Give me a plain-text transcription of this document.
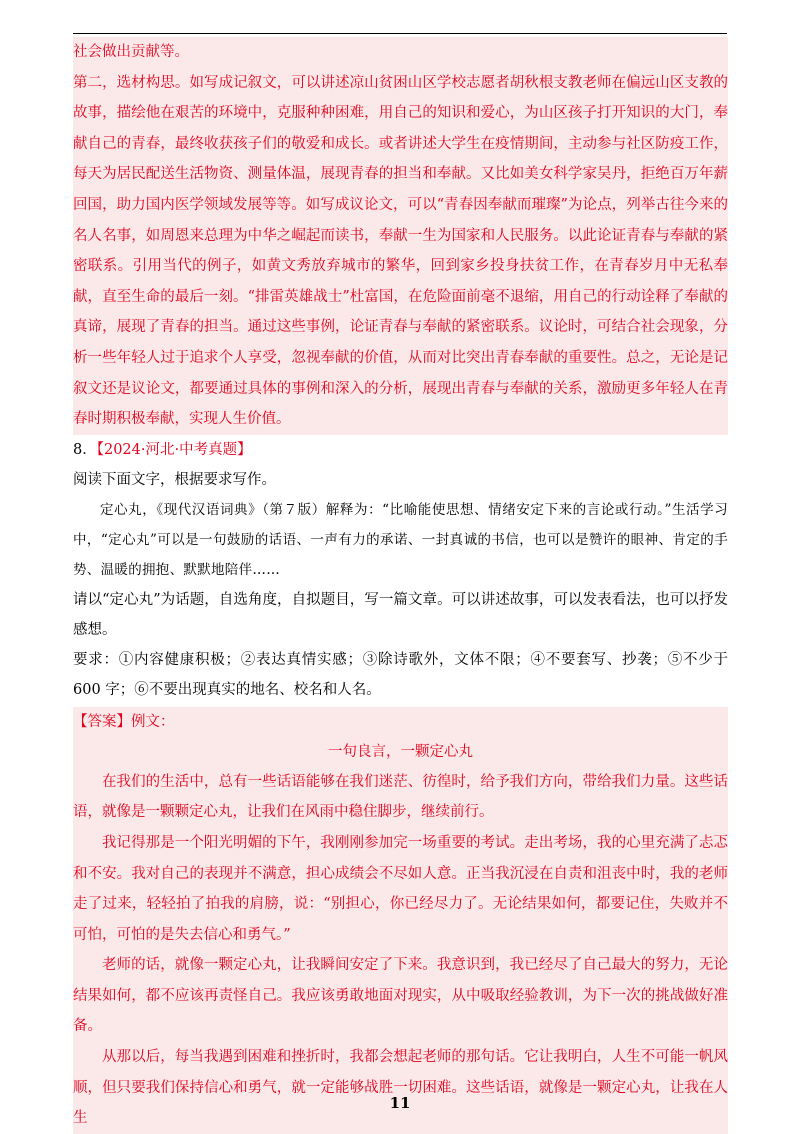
社会做出贡献等。

第二，选材构思。如写成记叙文，可以讲述凉山贫困山区学校志愿者胡秋根支教老师在偏远山区支教的故事，描绘他在艰苦的环境中，克服种种困难，用自己的知识和爱心，为山区孩子打开知识的大门，奉献自己的青春，最终收获孩子们的敬爱和成长。或者讲述大学生在疫情期间，主动参与社区防疫工作，每天为居民配送生活物资、测量体温，展现青春的担当和奉献。又比如美女科学家吴丹，拒绝百万年薪回国，助力国内医学领域发展等等。如写成议论文，可以“青春因奉献而璀璨”为论点，列举古往今来的名人名事，如周恩来总理为中华之崛起而读书，奉献一生为国家和人民服务。以此论证青春与奉献的紧密联系。引用当代的例子，如黄文秀放弃城市的繁华，回到家乡投身扶贫工作，在青春岁月中无私奉献，直至生命的最后一刻。“排雷英雄战士”杜富国，在危险面前毫不退缩，用自己的行动诠释了奉献的真谛，展现了青春的担当。通过这些事例，论证青春与奉献的紧密联系。议论时，可结合社会现象，分析一些年轻人过于追求个人享受，忽视奉献的价值，从而对比突出青春奉献的重要性。总之，无论是记叙文还是议论文，都要通过具体的事例和深入的分析，展现出青春与奉献的关系，激励更多年轻人在青春时期积极奉献，实现人生价值。

8．【2024·河北·中考真题】
阅读下面文字，根据要求写作。
定心丸，《现代汉语词典》（第７版）解释为：“比喻能使思想、情绪安定下来的言论或行动。”生活学习中，“定心丸”可以是一句鼓励的话语、一声有力的承诺、一封真诚的书信，也可以是赞许的眼神、肯定的手势、温暖的拥抱、默默地陪伴……
请以“定心丸”为话题，自选角度，自拟题目，写一篇文章。可以讲述故事，可以发表看法，也可以抒发感想。
要求：①内容健康积极；②表达真情实感；③除诗歌外，文体不限；④不要套写、抄袭；⑤不少于 600 字；⑥不要出现真实的地名、校名和人名。
【答案】例文：
一句良言，一颗定心丸

在我们的生活中，总有一些话语能够在我们迷茫、彷徨时，给予我们方向，带给我们力量。这些话语，就像是一颗颗定心丸，让我们在风雨中稳住脚步，继续前行。

我记得那是一个阳光明媚的下午，我刚刚参加完一场重要的考试。走出考场，我的心里充满了忐忑和不安。我对自己的表现并不满意，担心成绩会不尽如人意。正当我沉浸在自责和沮丧中时，我的老师走了过来，轻轻拍了拍我的肩膀，说：“别担心，你已经尽力了。无论结果如何，都要记住，失败并不可怕，可怕的是失去信心和勇气。”

老师的话，就像一颗定心丸，让我瞬间安定了下来。我意识到，我已经尽了自己最大的努力，无论结果如何，都不应该再责怪自己。我应该勇敢地面对现实，从中吸取经验教训，为下一次的挑战做好准备。

从那以后，每当我遇到困难和挫折时，我都会想起老师的那句话。它让我明白，人生不可能一帆风顺，但只要我们保持信心和勇气，就一定能够战胜一切困难。这些话语，就像是一颗定心丸，让我在人生

11
